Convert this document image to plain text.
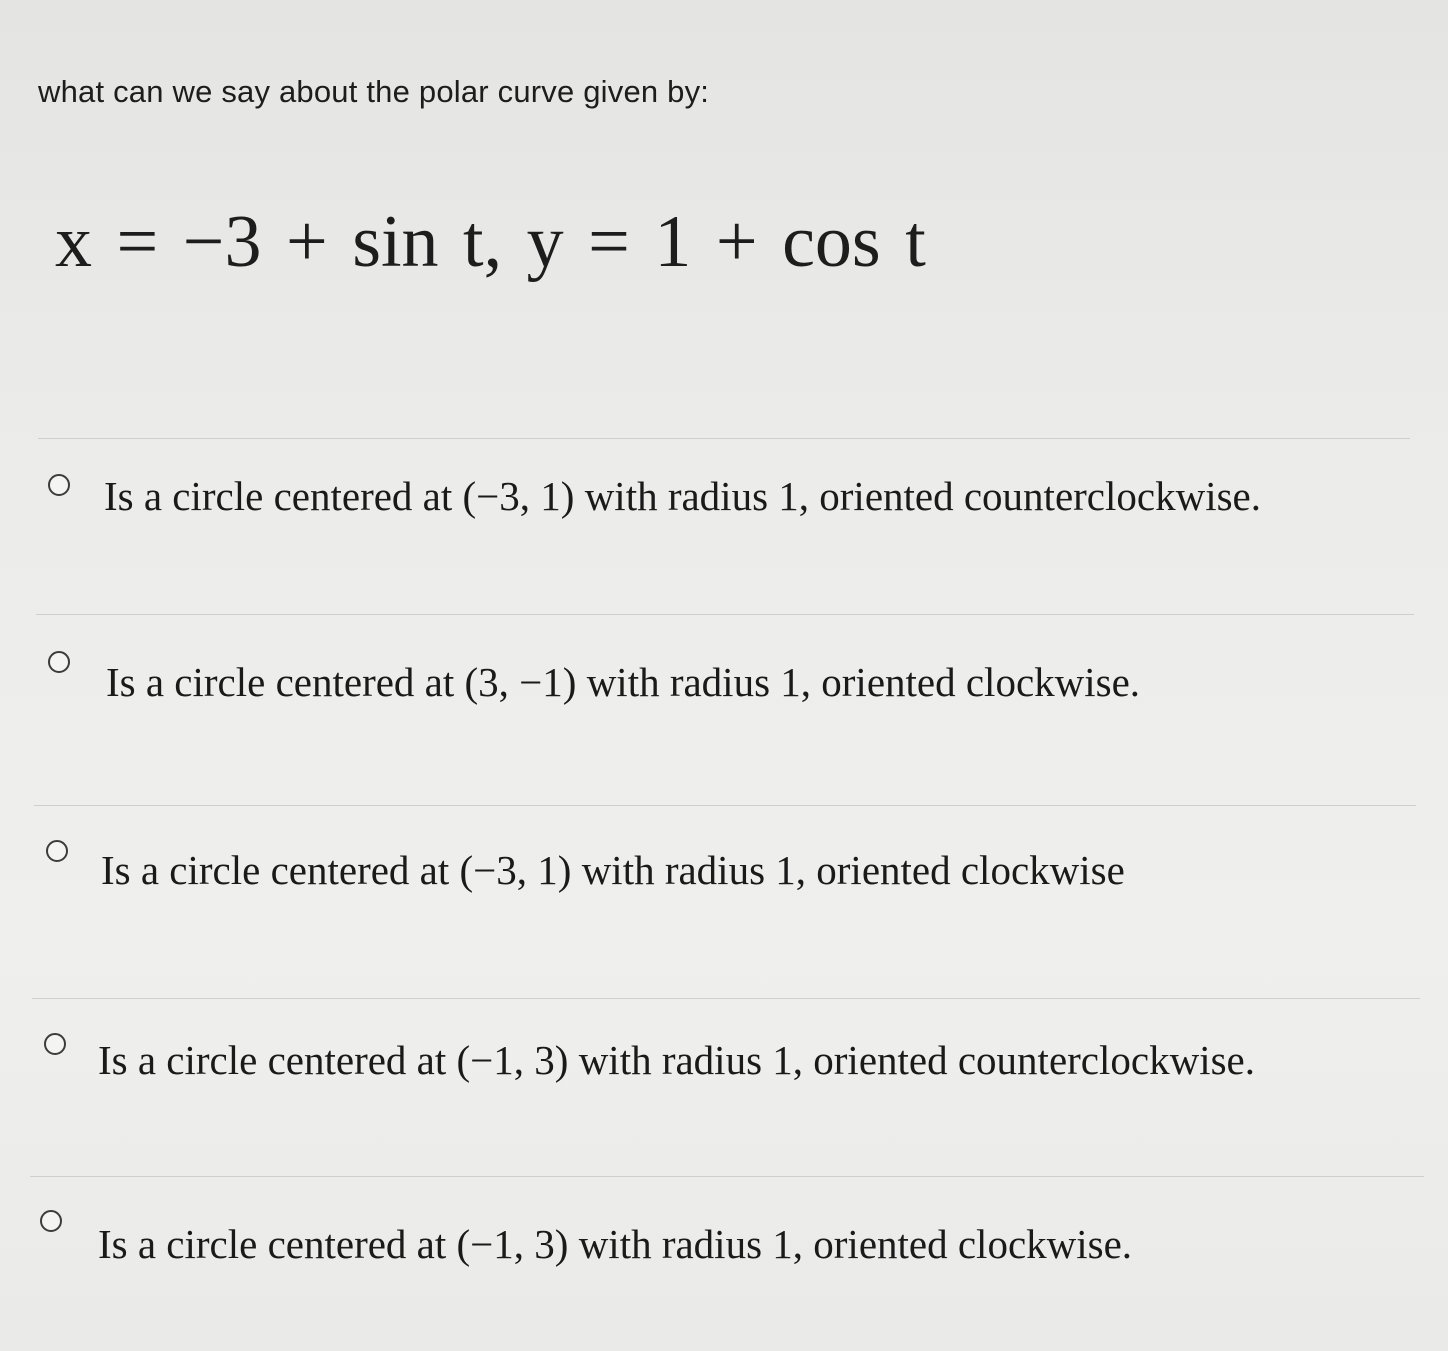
what can we say about the polar curve given by:
x = −3 + sin t, y = 1 + cos t
Is a circle centered at (−3, 1) with radius 1, oriented counterclockwise.
Is a circle centered at (3, −1) with radius 1, oriented clockwise.
Is a circle centered at (−3, 1) with radius 1, oriented clockwise
Is a circle centered at (−1, 3) with radius 1, oriented counterclockwise.
Is a circle centered at (−1, 3) with radius 1, oriented clockwise.
